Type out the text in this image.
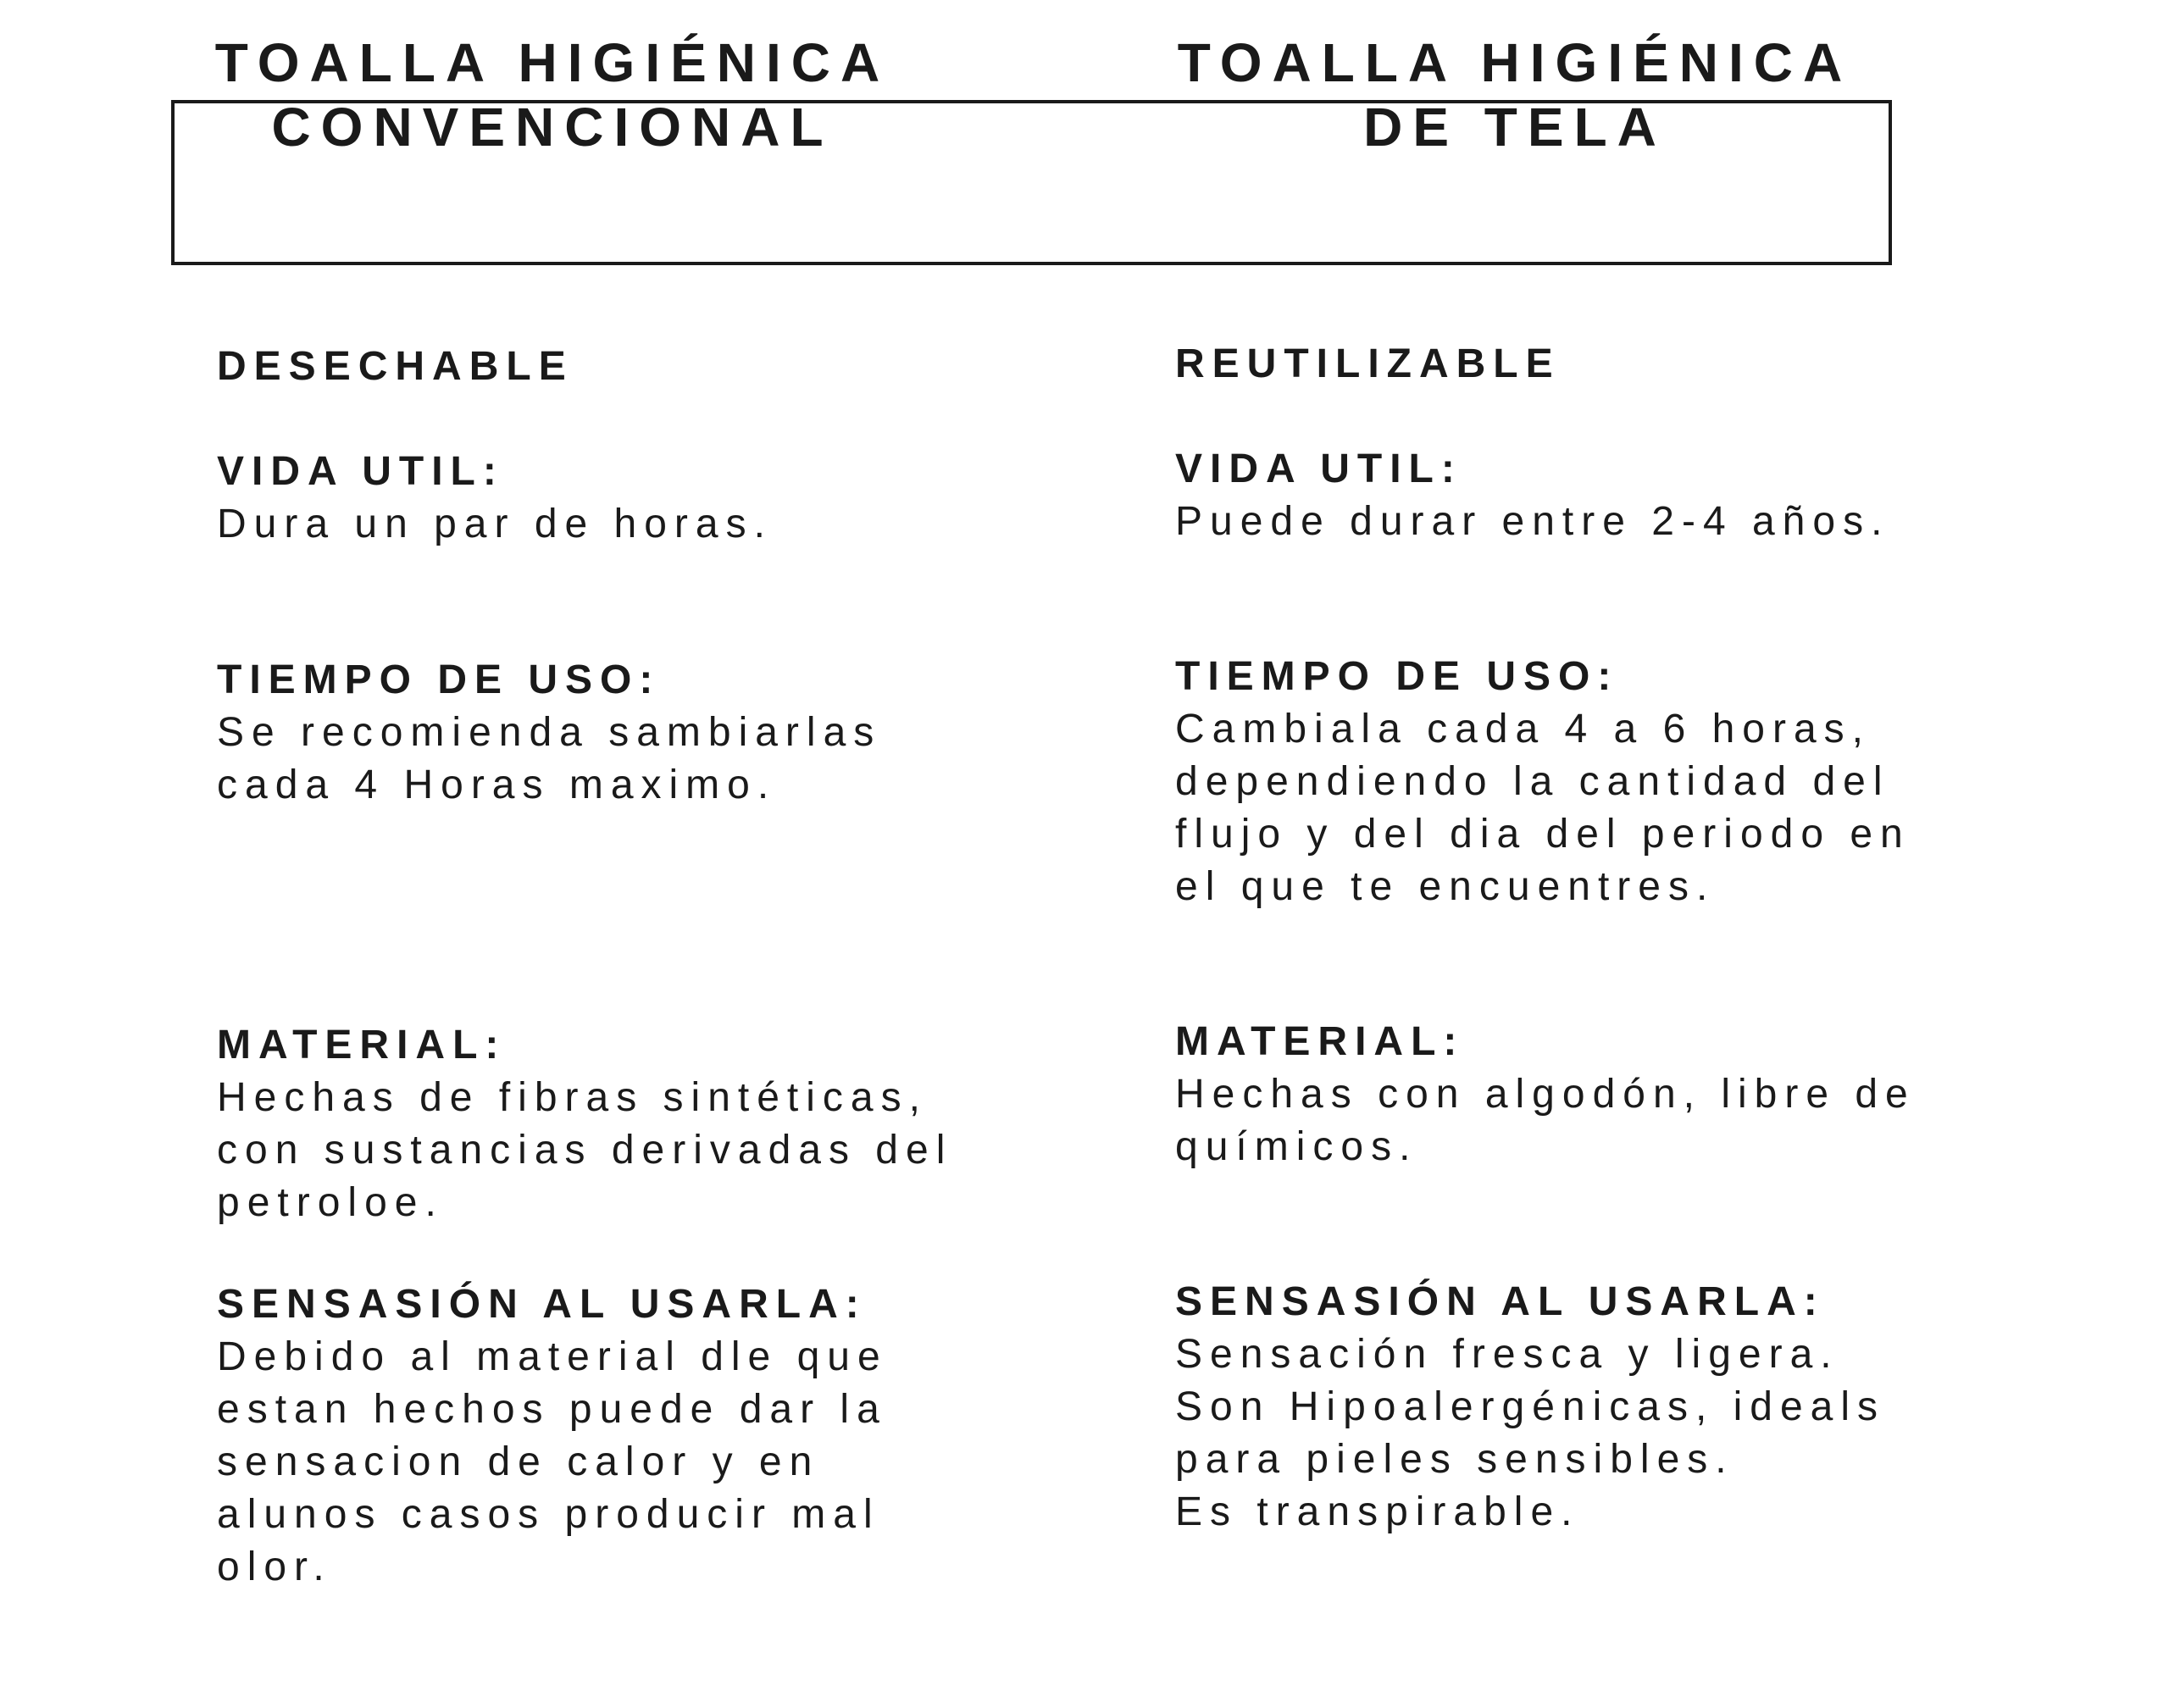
TOALLA HIGIÉNICA
CONVENCIONAL
TOALLA HIGIÉNICA
DE TELA
DESECHABLE
VIDA UTIL:
Dura un par de horas.
TIEMPO DE USO:
Se recomienda sambiarlas
cada 4 Horas maximo.
MATERIAL:
Hechas de fibras sintéticas,
con sustancias derivadas del
petroloe.
SENSASIÓN AL USARLA:
Debido al material dle que
estan hechos puede dar la
sensacion de calor y en
alunos casos producir mal
olor.
REUTILIZABLE
VIDA UTIL:
Puede durar entre 2-4 años.
TIEMPO DE USO:
Cambiala cada 4 a 6 horas,
dependiendo la cantidad del
flujo y del dia del periodo en
el que te encuentres.
MATERIAL:
Hechas con algodón, libre de
químicos.
SENSASIÓN AL USARLA:
Sensación fresca y ligera.
Son Hipoalergénicas, ideals
para pieles sensibles.
Es transpirable.
